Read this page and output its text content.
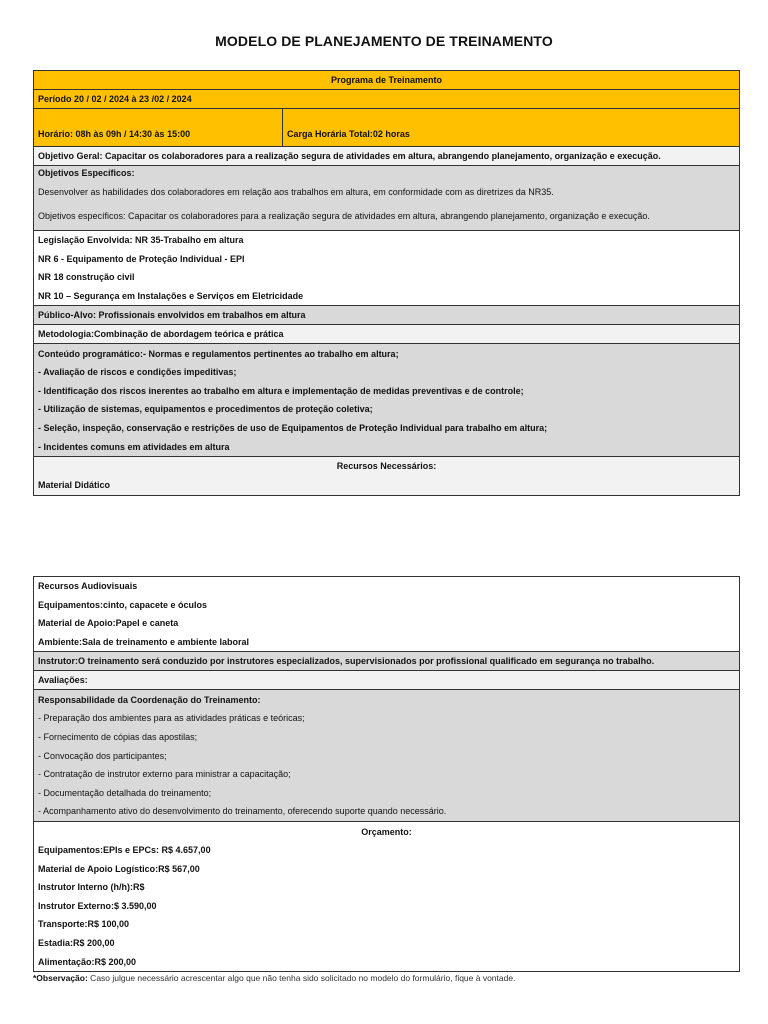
MODELO DE PLANEJAMENTO DE TREINAMENTO
Programa de Treinamento
Período 20 / 02 / 2024 à 23 /02 / 2024
Horário: 08h às 09h / 14:30 às 15:00	Carga Horária Total:02 horas
Objetivo Geral: Capacitar os colaboradores para a realização segura de atividades em altura, abrangendo planejamento, organização e execução.

Objetivos Específicos:
Desenvolver as habilidades dos colaboradores em relação aos trabalhos em altura, em conformidade com as diretrizes da NR35.
Objetivos específicos: Capacitar os colaboradores para a realização segura de atividades em altura, abrangendo planejamento, organização e execução.

Legislação Envolvida: NR 35-Trabalho em altura
NR 6 - Equipamento de Proteção Individual - EPI
NR 18 construção civil
NR 10 – Segurança em Instalações e Serviços em Eletricidade

Público-Alvo: Profissionais envolvidos em trabalhos em altura
Metodologia:Combinação de abordagem teórica e prática

Conteúdo programático:- Normas e regulamentos pertinentes ao trabalho em altura;
- Avaliação de riscos e condições impeditivas;
- Identificação dos riscos inerentes ao trabalho em altura e implementação de medidas preventivas e de controle;
- Utilização de sistemas, equipamentos e procedimentos de proteção coletiva;
- Seleção, inspeção, conservação e restrições de uso de Equipamentos de Proteção Individual para trabalho em altura;
- Incidentes comuns em atividades em altura

Recursos Necessários:
Material Didático
Recursos Audiovisuais
Equipamentos:cinto, capacete e óculos
Material de Apoio:Papel e caneta
Ambiente:Sala de treinamento e ambiente laboral

Instrutor:O treinamento será conduzido por instrutores especializados, supervisionados por profissional qualificado em segurança no trabalho.
Avaliações:

Responsabilidade da Coordenação do Treinamento:
- Preparação dos ambientes para as atividades práticas e teóricas;
- Fornecimento de cópias das apostilas;
- Convocação dos participantes;
- Contratação de instrutor externo para ministrar a capacitação;
- Documentação detalhada do treinamento;
- Acompanhamento ativo do desenvolvimento do treinamento, oferecendo suporte quando necessário.

Orçamento:
Equipamentos:EPIs e EPCs: R$ 4.657,00
Material de Apoio Logístico:R$ 567,00
Instrutor Interno (h/h):R$
Instrutor Externo:$ 3.590,00
Transporte:R$ 100,00
Estadia:R$ 200,00
Alimentação:R$ 200,00
*Observação: Caso julgue necessário acrescentar algo que não tenha sido solicitado no modelo do formulário, fique à vontade.
